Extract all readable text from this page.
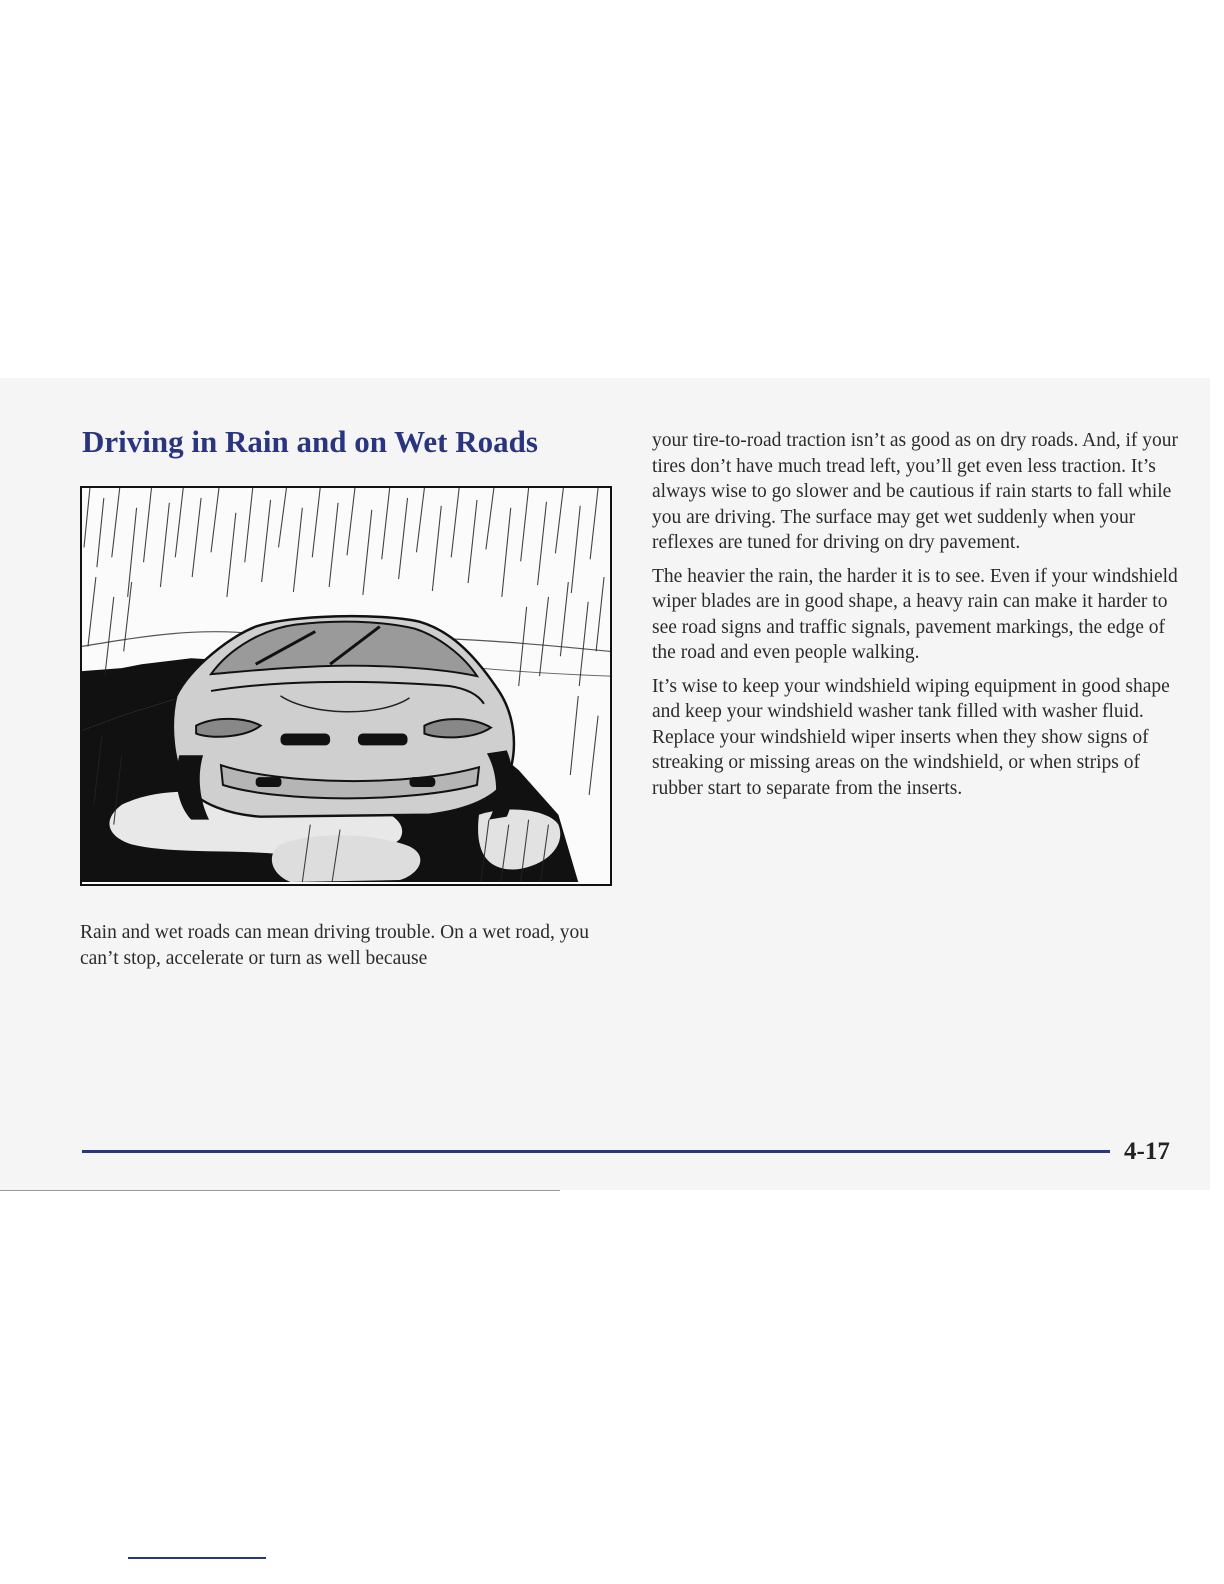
Driving in Rain and on Wet Roads

Rain and wet roads can mean driving trouble. On a wet road, you can’t stop, accelerate or turn as well because

your tire-to-road traction isn’t as good as on dry roads. And, if your tires don’t have much tread left, you’ll get even less traction. It’s always wise to go slower and be cautious if rain starts to fall while you are driving. The surface may get wet suddenly when your reflexes are tuned for driving on dry pavement.

The heavier the rain, the harder it is to see. Even if your windshield wiper blades are in good shape, a heavy rain can make it harder to see road signs and traffic signals, pavement markings, the edge of the road and even people walking.

It’s wise to keep your windshield wiping equipment in good shape and keep your windshield washer tank filled with washer fluid. Replace your windshield wiper inserts when they show signs of streaking or missing areas on the windshield, or when strips of rubber start to separate from the inserts.

4-17
